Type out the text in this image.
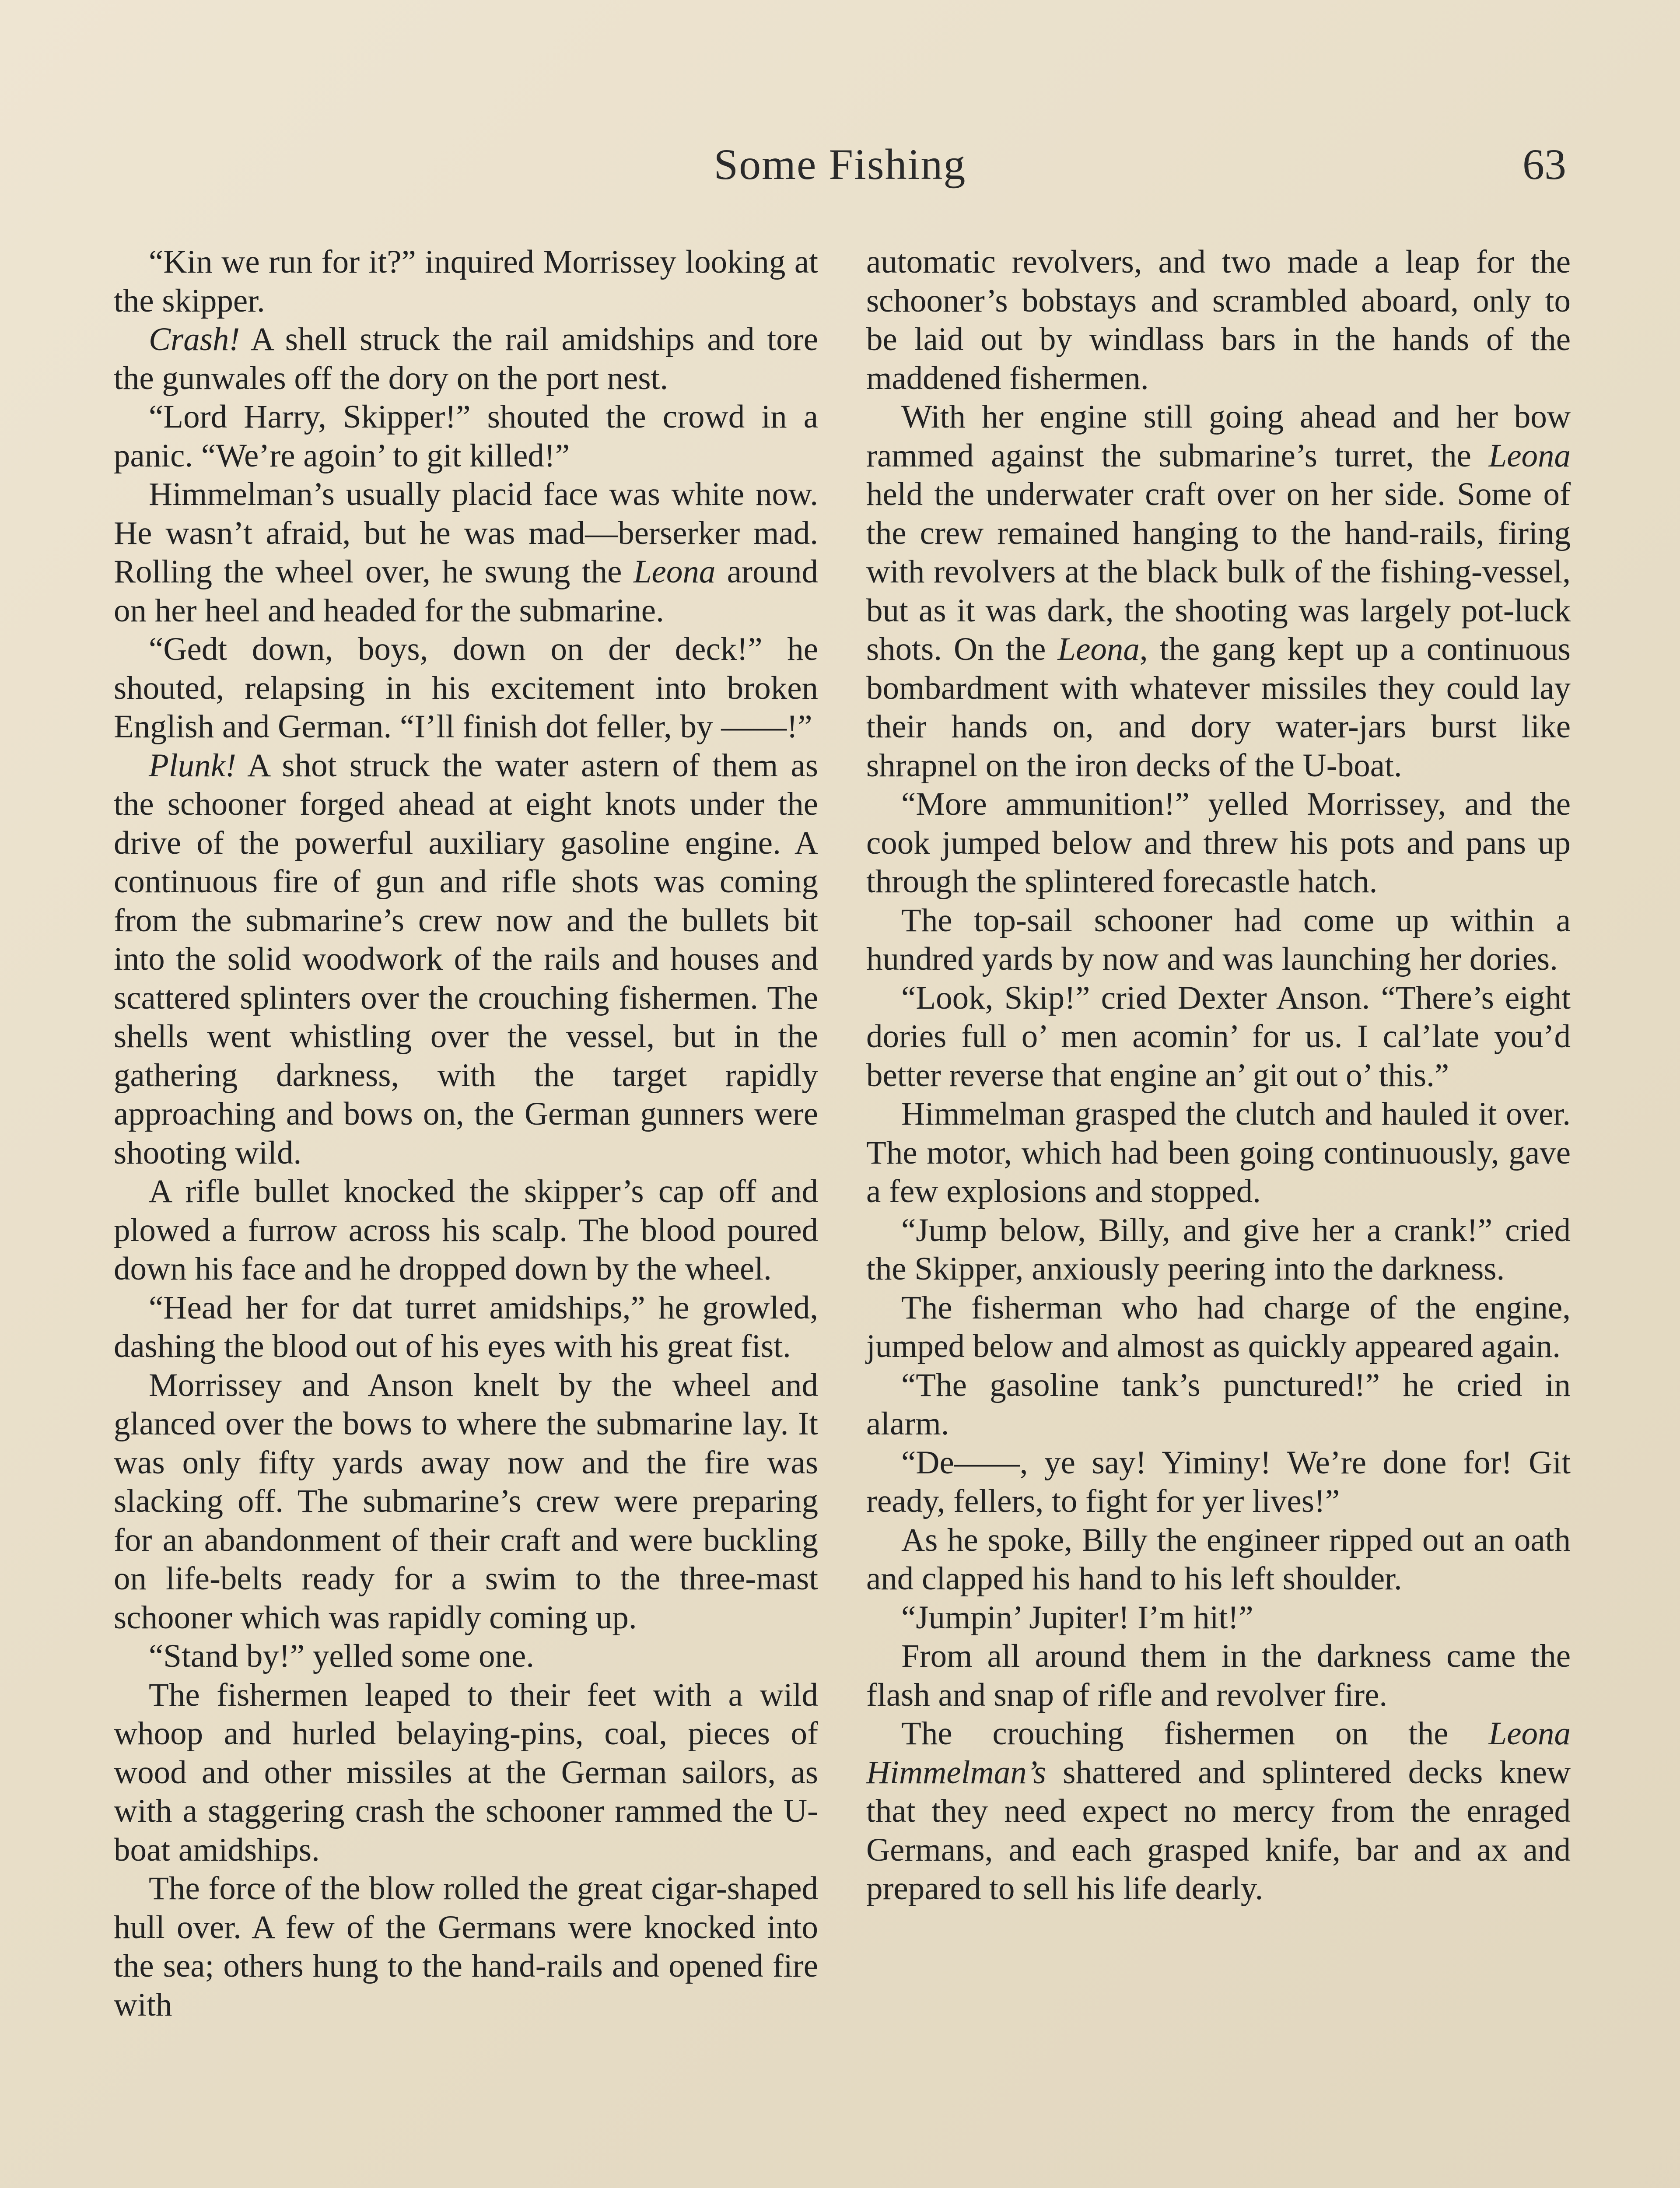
Some Fishing	63

“Kin we run for it?” inquired Morrissey looking at the skipper.

Crash! A shell struck the rail amidships and tore the gunwales off the dory on the port nest.

“Lord Harry, Skipper!” shouted the crowd in a panic. “We’re agoin’ to git killed!”

Himmelman’s usually placid face was white now. He wasn’t afraid, but he was mad—berserker mad. Rolling the wheel over, he swung the Leona around on her heel and headed for the submarine.

“Gedt down, boys, down on der deck!” he shouted, relapsing in his excitement into broken English and German. “I’ll finish dot feller, by ——!”

Plunk! A shot struck the water astern of them as the schooner forged ahead at eight knots under the drive of the powerful auxiliary gasoline engine. A continuous fire of gun and rifle shots was coming from the submarine’s crew now and the bullets bit into the solid woodwork of the rails and houses and scattered splinters over the crouching fishermen. The shells went whistling over the vessel, but in the gathering darkness, with the target rapidly approaching and bows on, the German gunners were shooting wild.

A rifle bullet knocked the skipper’s cap off and plowed a furrow across his scalp. The blood poured down his face and he dropped down by the wheel.

“Head her for dat turret amidships,” he growled, dashing the blood out of his eyes with his great fist.

Morrissey and Anson knelt by the wheel and glanced over the bows to where the submarine lay. It was only fifty yards away now and the fire was slacking off. The submarine’s crew were preparing for an abandonment of their craft and were buckling on life-belts ready for a swim to the three-mast schooner which was rapidly coming up.

“Stand by!” yelled some one.

The fishermen leaped to their feet with a wild whoop and hurled belaying-pins, coal, pieces of wood and other missiles at the German sailors, as with a staggering crash the schooner rammed the U-boat amidships.

The force of the blow rolled the great cigar-shaped hull over. A few of the Germans were knocked into the sea; others hung to the hand-rails and opened fire with

automatic revolvers, and two made a leap for the schooner’s bobstays and scrambled aboard, only to be laid out by windlass bars in the hands of the maddened fishermen.

With her engine still going ahead and her bow rammed against the submarine’s turret, the Leona held the underwater craft over on her side. Some of the crew remained hanging to the hand-rails, firing with revolvers at the black bulk of the fishing-vessel, but as it was dark, the shooting was largely pot-luck shots. On the Leona, the gang kept up a continuous bombardment with whatever missiles they could lay their hands on, and dory water-jars burst like shrapnel on the iron decks of the U-boat.

“More ammunition!” yelled Morrissey, and the cook jumped below and threw his pots and pans up through the splintered forecastle hatch.

The top-sail schooner had come up within a hundred yards by now and was launching her dories.

“Look, Skip!” cried Dexter Anson. “There’s eight dories full o’ men acomin’ for us. I cal’late you’d better reverse that engine an’ git out o’ this.”

Himmelman grasped the clutch and hauled it over. The motor, which had been going continuously, gave a few explosions and stopped.

“Jump below, Billy, and give her a crank!” cried the Skipper, anxiously peering into the darkness.

The fisherman who had charge of the engine, jumped below and almost as quickly appeared again.

“The gasoline tank’s punctured!” he cried in alarm.

“De——, ye say! Yiminy! We’re done for! Git ready, fellers, to fight for yer lives!”

As he spoke, Billy the engineer ripped out an oath and clapped his hand to his left shoulder.

“Jumpin’ Jupiter! I’m hit!”

From all around them in the darkness came the flash and snap of rifle and revolver fire.

The crouching fishermen on the Leona Himmelman’s shattered and splintered decks knew that they need expect no mercy from the enraged Germans, and each grasped knife, bar and ax and prepared to sell his life dearly.
